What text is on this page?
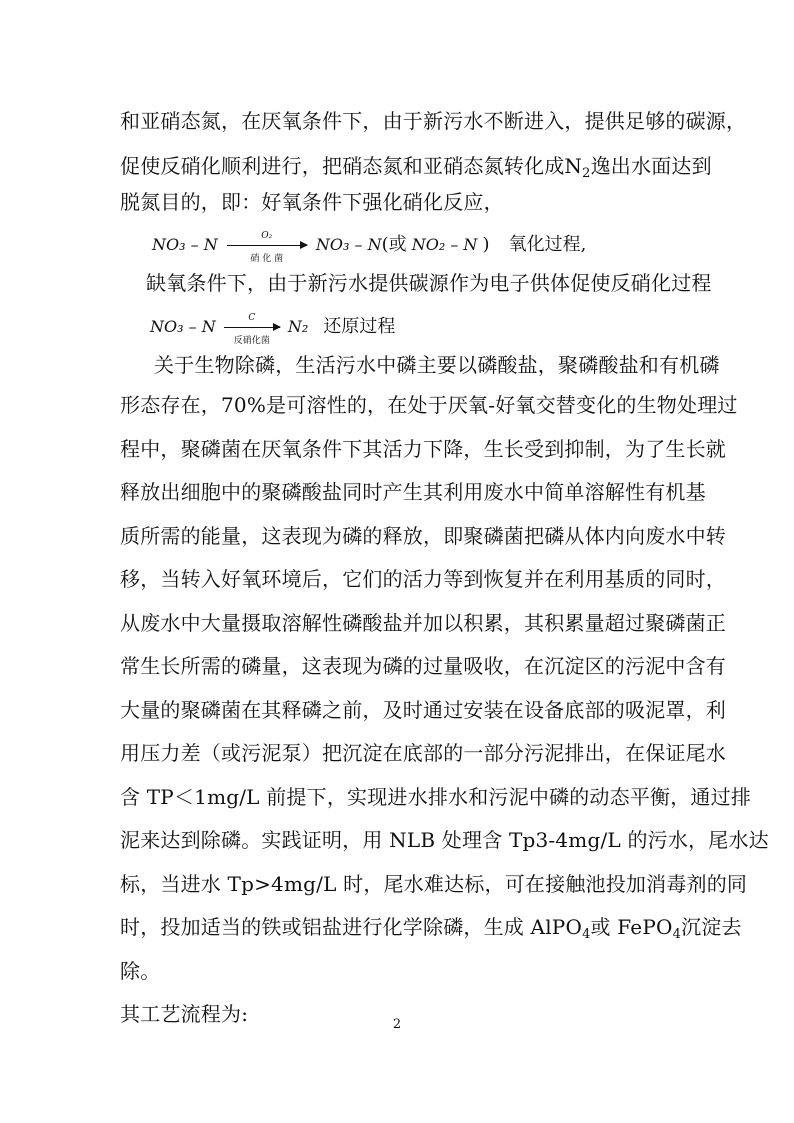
和亚硝态氮，在厌氧条件下，由于新污水不断进入，提供足够的碳源，
促使反硝化顺利进行，把硝态氮和亚硝态氮转化成$N_2$逸出水面达到
脱氮目的，即：好氧条件下强化硝化反应，
NO₃ – N	O₂
硝 化 菌
NO₃ – N(或 NO₂ – N ) 氧化过程,
缺氧条件下，由于新污水提供碳源作为电子供体促使反硝化过程
NO₃ – N	C
反硝化菌
N₂ 还原过程
关于生物除磷，生活污水中磷主要以磷酸盐，聚磷酸盐和有机磷
形态存在，70%是可溶性的，在处于厌氧-好氧交替变化的生物处理过
程中，聚磷菌在厌氧条件下其活力下降，生长受到抑制，为了生长就
释放出细胞中的聚磷酸盐同时产生其利用废水中简单溶解性有机基
质所需的能量，这表现为磷的释放，即聚磷菌把磷从体内向废水中转
移，当转入好氧环境后，它们的活力等到恢复并在利用基质的同时，
从废水中大量摄取溶解性磷酸盐并加以积累，其积累量超过聚磷菌正
常生长所需的磷量，这表现为磷的过量吸收，在沉淀区的污泥中含有
大量的聚磷菌在其释磷之前，及时通过安装在设备底部的吸泥罩，利
用压力差（或污泥泵）把沉淀在底部的一部分污泥排出，在保证尾水
含 TP＜1mg/L 前提下，实现进水排水和污泥中磷的动态平衡，通过排
泥来达到除磷。实践证明，用 NLB 处理含 Tp3-4mg/L 的污水，尾水达
标，当进水 Tp>4mg/L 时，尾水难达标，可在接触池投加消毒剂的同
时，投加适当的铁或铝盐进行化学除磷，生成 AlPO$_4$或 FePO$_4$沉淀去
除。
其工艺流程为:	2
